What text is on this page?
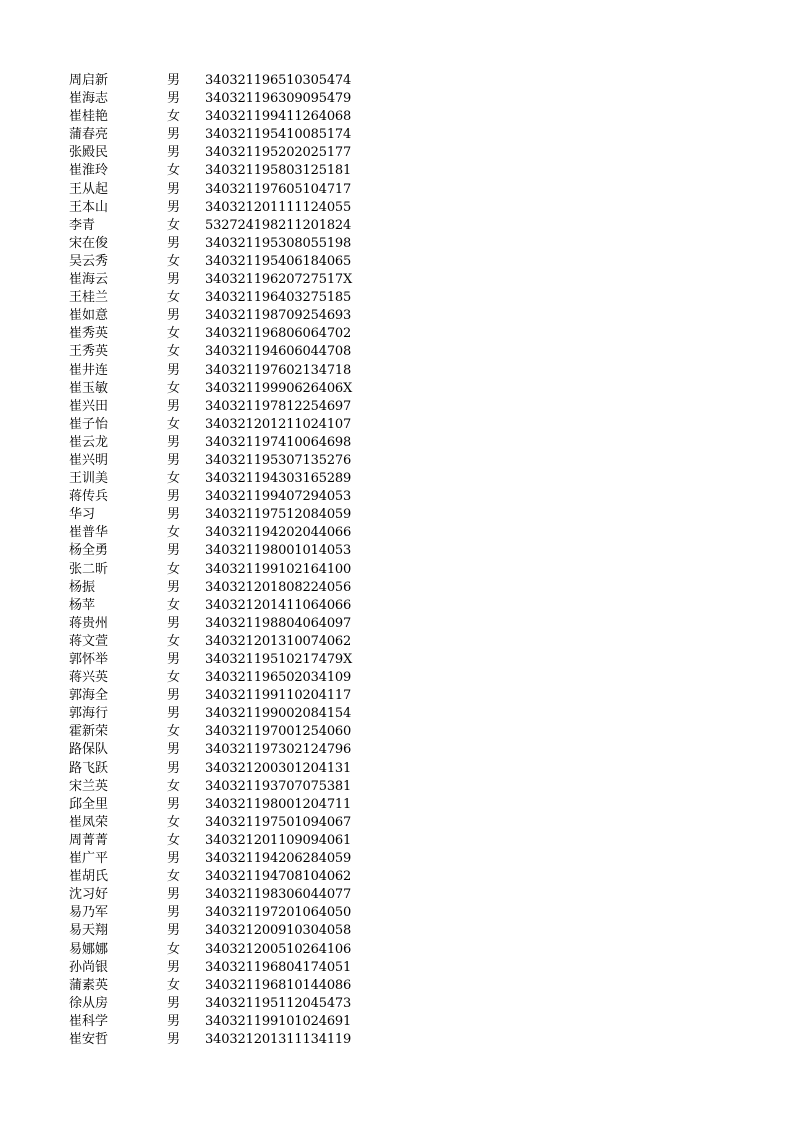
周启新	男 340321196510305474
崔海志	男 340321196309095479
崔桂艳	女 340321199411264068
蒲春亮	男 340321195410085174
张殿民	男 340321195202025177
崔淮玲	女 340321195803125181
王从起	男 340321197605104717
王本山	男 340321201111124055
李青	女 532724198211201824
宋在俊	男 340321195308055198
吴云秀	女 340321195406184065
崔海云	男 34032119620727517X
王桂兰	女 340321196403275185
崔如意	男 340321198709254693
崔秀英	女 340321196806064702
王秀英	女 340321194606044708
崔井连	男 340321197602134718
崔玉敏	女 34032119990626406X
崔兴田	男 340321197812254697
崔子怡	女 340321201211024107
崔云龙	男 340321197410064698
崔兴明	男 340321195307135276
王训美	女 340321194303165289
蒋传兵	男 340321199407294053
华习	男 340321197512084059
崔普华	女 340321194202044066
杨全勇	男 340321198001014053
张二昕	女 340321199102164100
杨振	男 340321201808224056
杨苹	女 340321201411064066
蒋贵州	男 340321198804064097
蒋文萱	女 340321201310074062
郭怀举	男 34032119510217479X
蒋兴英	女 340321196502034109
郭海全	男 340321199110204117
郭海行	男 340321199002084154
霍新荣	女 340321197001254060
路保队	男 340321197302124796
路飞跃	男 340321200301204131
宋兰英	女 340321193707075381
邱全里	男 340321198001204711
崔凤荣	女 340321197501094067
周菁菁	女 340321201109094061
崔广平	男 340321194206284059
崔胡氏	女 340321194708104062
沈习好	男 340321198306044077
易乃军	男 340321197201064050
易天翔	男 340321200910304058
易娜娜	女 340321200510264106
孙尚银	男 340321196804174051
蒲素英	女 340321196810144086
徐从房	男 340321195112045473
崔科学	男 340321199101024691
崔安哲	男 340321201311134119
